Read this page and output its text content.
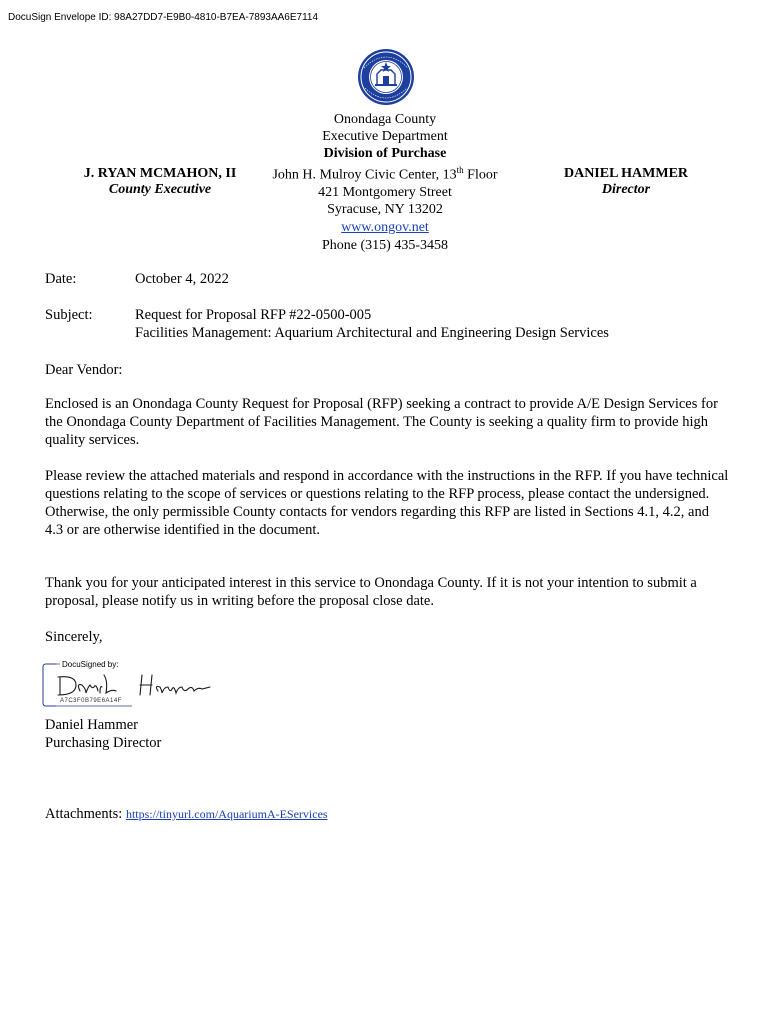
DocuSign Envelope ID: 98A27DD7-E9B0-4810-B7EA-7893AA6E7114
J. RYAN MCMAHON, II
County Executive
Onondaga County
Executive Department
Division of Purchase
John H. Mulroy Civic Center, 13th Floor
421 Montgomery Street
Syracuse, NY 13202
www.ongov.net
Phone (315) 435-3458
DANIEL HAMMER
Director
Date:	October 4, 2022
Subject:	Request for Proposal RFP #22-0500-005
Facilities Management: Aquarium Architectural and Engineering Design Services
Dear Vendor:
Enclosed is an Onondaga County Request for Proposal (RFP) seeking a contract to provide A/E Design Services for the Onondaga County Department of Facilities Management. The County is seeking a quality firm to provide high quality services.
Please review the attached materials and respond in accordance with the instructions in the RFP. If you have technical questions relating to the scope of services or questions relating to the RFP process, please contact the undersigned. Otherwise, the only permissible County contacts for vendors regarding this RFP are listed in Sections 4.1, 4.2, and 4.3 or are otherwise identified in the document.
Thank you for your anticipated interest in this service to Onondaga County. If it is not your intention to submit a proposal, please notify us in writing before the proposal close date.
Sincerely,
DocuSigned by:
A7C3F0B79E6A14F
Daniel Hammer
Purchasing Director
Attachments: https://tinyurl.com/AquariumA-EServices
